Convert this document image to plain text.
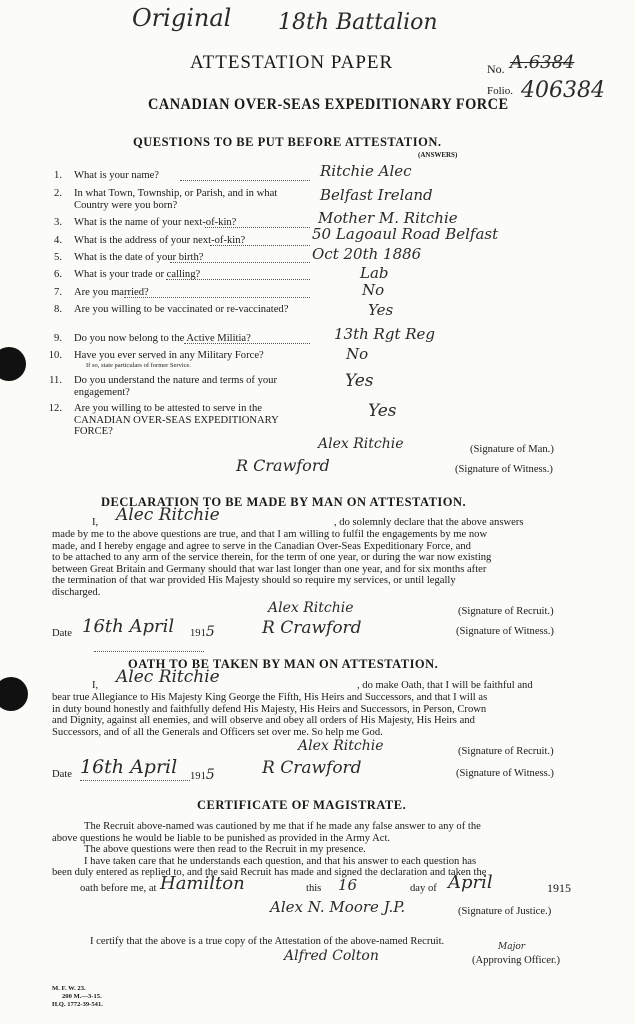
Original 18th Battalion
ATTESTATION PAPER	No. A.6384
CANADIAN OVER-SEAS EXPEDITIONARY FORCE
Folio. 406384
QUESTIONS TO BE PUT BEFORE ATTESTATION.
(ANSWERS)
1. What is your name?	Ritchie Alec
2. In what Town, Township, or Parish, and in what Country were you born?
Belfast Ireland
3. What is the name of your next-of-kin?	Mother M. Ritchie
4. What is the address of your next-of-kin?	50 Lagoaul Road Belfast
5. What is the date of your birth?	Oct 20th 1886
6. What is your trade or calling?	Lab
7. Are you married?	No
8. Are you willing to be vaccinated or re-vaccinated?	Yes
9. Do you now belong to the Active Militia?	13th Rgt Reg
10. Have you ever served in any Military Force?
If so, state particulars of former Service.
No
11. Do you understand the nature and terms of your engagement?
Yes
12. Are you willing to be attested to serve in the CANADIAN OVER-SEAS EXPEDITIONARY FORCE?
Yes
Alex Ritchie	(Signature of Man.)
R Crawford	(Signature of Witness.)
DECLARATION TO BE MADE BY MAN ON ATTESTATION.
I, Alec Ritchie	, do solemnly declare that the above answers
made by me to the above questions are true, and that I am willing to fulfil the engagements by me now
made, and I hereby engage and agree to serve in the Canadian Over-Seas Expeditionary Force, and
to be attached to any arm of the service therein, for the term of one year, or during the war now existing
between Great Britain and Germany should that war last longer than one year, and for six months after
the termination of that war provided His Majesty should so require my services, or until legally
discharged.
Alex Ritchie	(Signature of Recruit.)
Date 16th April 1915	R Crawford	(Signature of Witness.)
OATH TO BE TAKEN BY MAN ON ATTESTATION.
I, Alec Ritchie	, do make Oath, that I will be faithful and
bear true Allegiance to His Majesty King George the Fifth, His Heirs and Successors, and that I will as
in duty bound honestly and faithfully defend His Majesty, His Heirs and Successors, in Person, Crown
and Dignity, against all enemies, and will observe and obey all orders of His Majesty, His Heirs and
Successors, and of all the Generals and Officers set over me. So help me God.
Alex Ritchie	(Signature of Recruit.)
Date 16th April 1915	R Crawford	(Signature of Witness.)
CERTIFICATE OF MAGISTRATE.
The Recruit above-named was cautioned by me that if he made any false answer to any of the
above questions he would be liable to be punished as provided in the Army Act.
The above questions were then read to the Recruit in my presence.
I have taken care that he understands each question, and that his answer to each question has
been duly entered as replied to, and the said Recruit has made and signed the declaration and taken the
oath before me, at Hamilton	this 16	day of April	1915
Alex N. Moore J.P.	(Signature of Justice.)
I certify that the above is a true copy of the Attestation of the above-named Recruit.
Alfred Colton
Major
(Approving Officer.)
M. F. W. 23.
200 M.—3-15.
H.Q. 1772-39-541.
